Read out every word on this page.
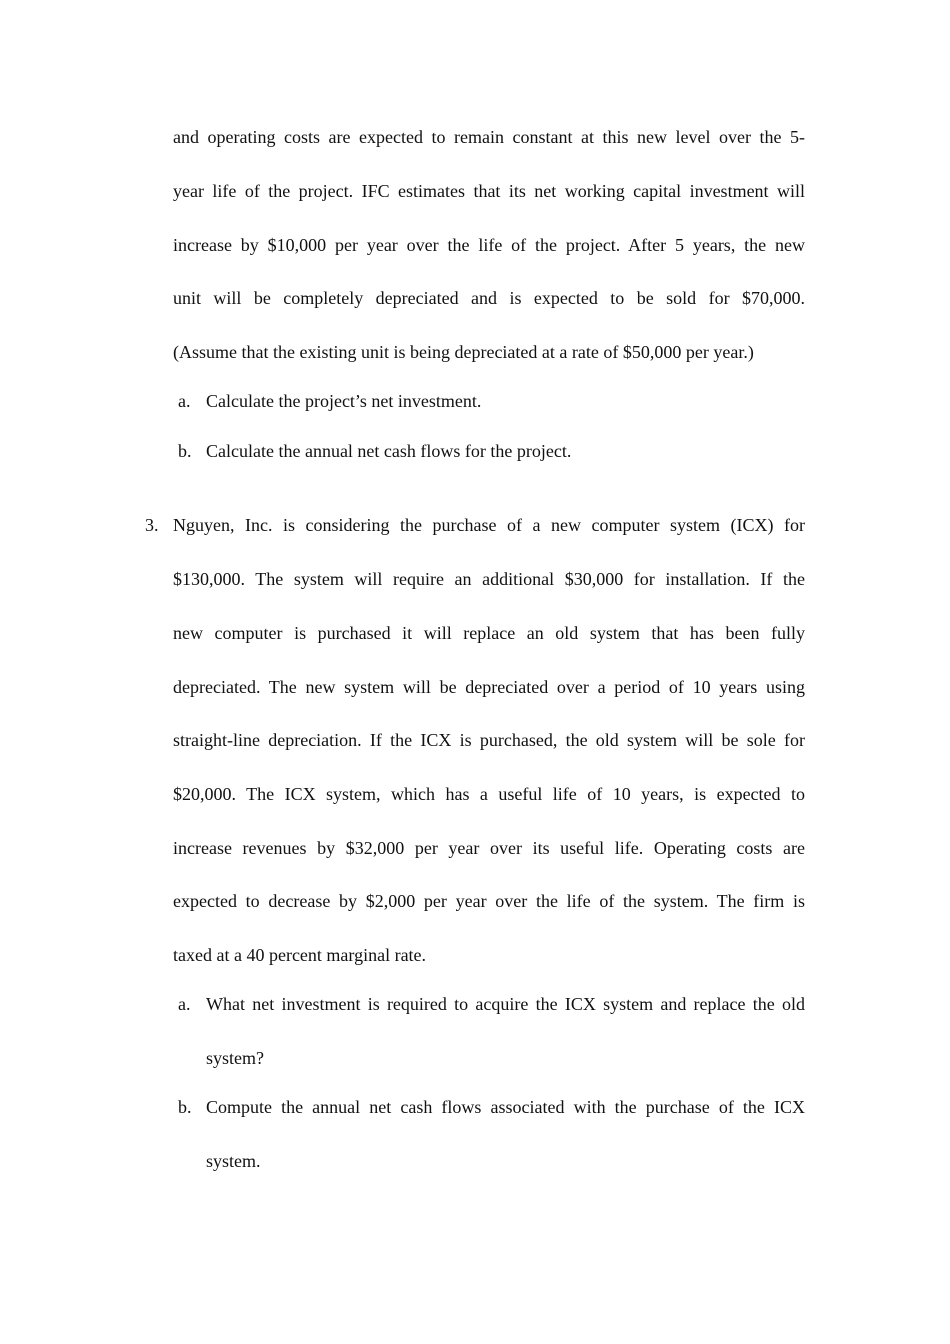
and operating costs are expected to remain constant at this new level over the 5-
year life of the project. IFC estimates that its net working capital investment will
increase by $10,000 per year over the life of the project. After 5 years, the new
unit will be completely depreciated and is expected to be sold for $70,000.
(Assume that the existing unit is being depreciated at a rate of $50,000 per year.)
a. Calculate the project’s net investment.
b. Calculate the annual net cash flows for the project.
3. Nguyen, Inc. is considering the purchase of a new computer system (ICX) for
$130,000. The system will require an additional $30,000 for installation. If the
new computer is purchased it will replace an old system that has been fully
depreciated. The new system will be depreciated over a period of 10 years using
straight-line depreciation. If the ICX is purchased, the old system will be sole for
$20,000. The ICX system, which has a useful life of 10 years, is expected to
increase revenues by $32,000 per year over its useful life. Operating costs are
expected to decrease by $2,000 per year over the life of the system. The firm is
taxed at a 40 percent marginal rate.
a. What net investment is required to acquire the ICX system and replace the old
system?
b. Compute the annual net cash flows associated with the purchase of the ICX
system.
